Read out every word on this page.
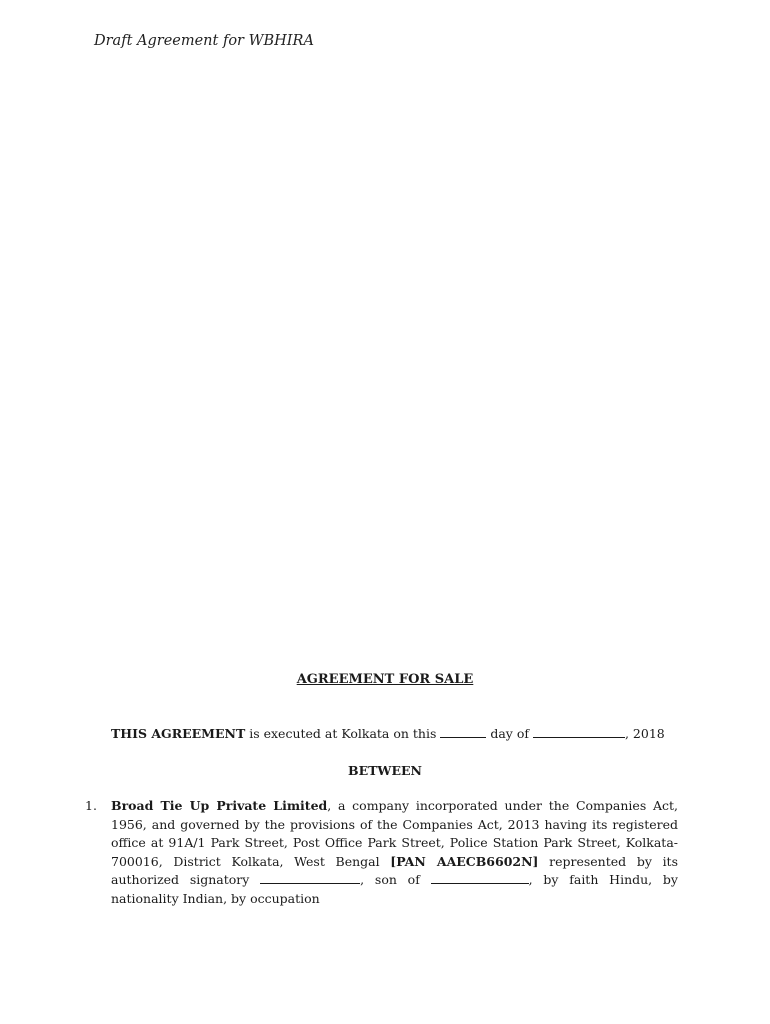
Draft Agreement for WBHIRA
AGREEMENT FOR SALE
THIS AGREEMENT is executed at Kolkata on this	day of	, 2018
BETWEEN
1. Broad Tie Up Private Limited, a company incorporated under the Companies Act, 1956, and governed by the provisions of the Companies Act, 2013 having its registered office at 91A/1 Park Street, Post Office Park Street, Police Station Park Street, Kolkata-700016, District Kolkata, West Bengal [PAN AAECB6602N] represented by its authorized signatory	, son of	, by faith Hindu, by nationality Indian, by occupation
